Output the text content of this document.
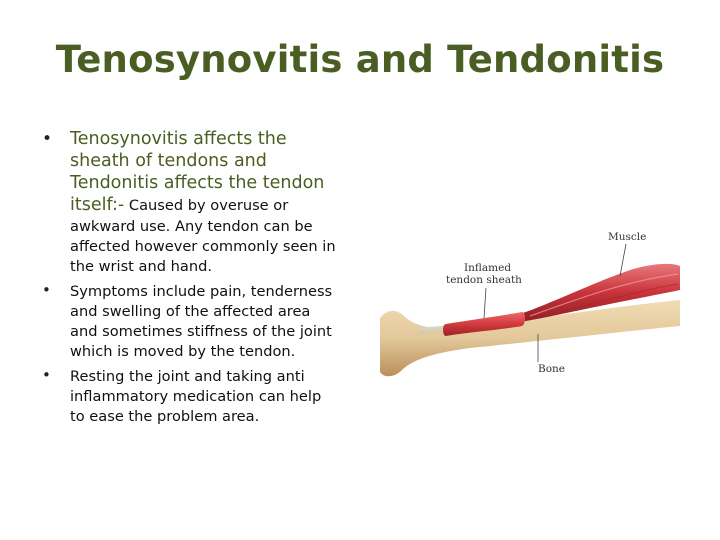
Tenosynovitis and Tendonitis
• Tenosynovitis affects the sheath of tendons and Tendonitis affects the tendon itself:- Caused by overuse or awkward use. Any tendon can be affected however commonly seen in the wrist and hand.
• Symptoms include pain, tenderness and swelling of the affected area and sometimes stiffness of the joint which is moved by the tendon.
• Resting the joint and taking anti inflammatory medication can help to ease the problem area.
Muscle
Inflamed
tendon sheath
Bone
